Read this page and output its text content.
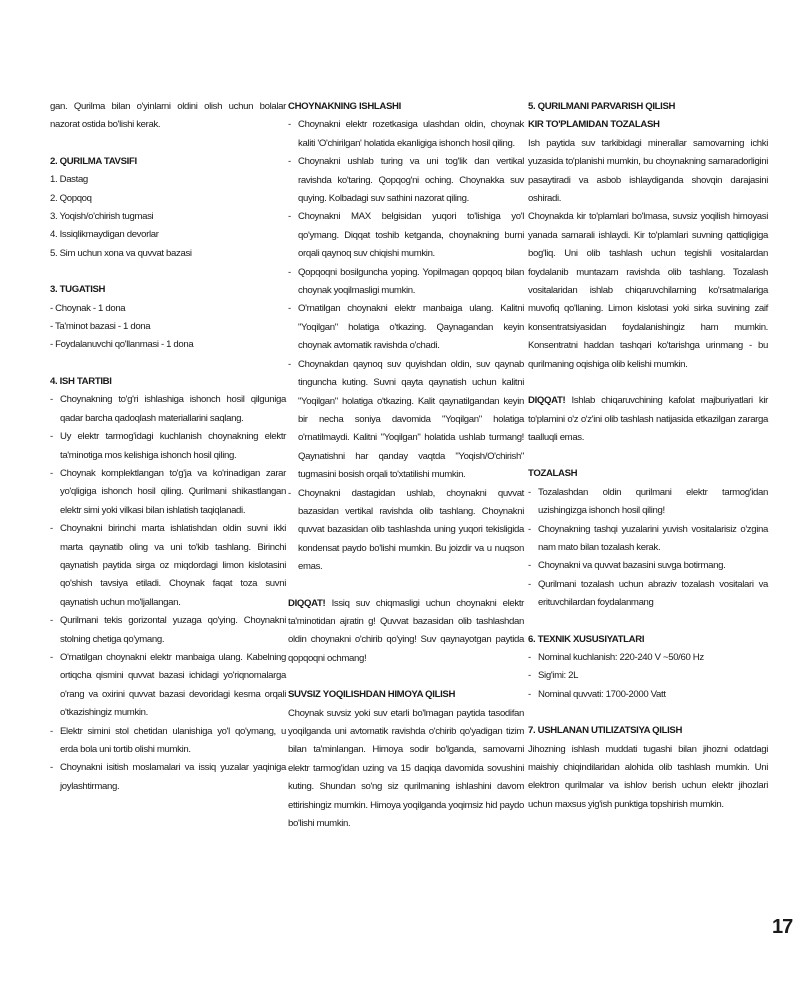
gan. Qurilma bilan o'yinlarni oldini olish uchun bolalar nazorat ostida bo'lishi kerak.
2. QURILMA TAVSIFI
1. Dastag
2. Qopqoq
3. Yoqish/o'chirish tugmasi
4. Issiqlikmaydigan devorlar
5. Sim uchun xona va quvvat bazasi
3. TUGATISH
- Choynak - 1 dona
- Ta'minot bazasi - 1 dona
- Foydalanuvchi qo'llanmasi - 1 dona
4. ISH TARTIBI
- Choynakning to'g'ri ishlashiga ishonch hosil qilguniga qadar barcha qadoqlash materiallarini saqlang.
- Uy elektr tarmog'idagi kuchlanish choynakning elektr ta'minotiga mos kelishiga ishonch hosil qiling.
- Choynak komplektlangan to'g'ja va ko'rinadigan zarar yo'qligiga ishonch hosil qiling. Qurilmani shikastlangan elektr simi yoki vilkasi bilan ishlatish taqiqlanadi.
- Choynakni birinchi marta ishlatishdan oldin suvni ikki marta qaynatib oling va uni to'kib tashlang. Birinchi qaynatish paytida sirga oz miqdordagi limon kislotasini qo'shish tavsiya etiladi. Choynak faqat toza suvni qaynatish uchun mo'ljallangan.
- Qurilmani tekis gorizontal yuzaga qo'ying. Choynakni stolning chetiga qo'ymang.
- O'rnatilgan choynakni elektr manbaiga ulang. Kabelning ortiqcha qismini quvvat bazasi ichidagi yo'riqnomalarga o'rang va oxirini quvvat bazasi devoridagi kesma orqali o'tkazishingiz mumkin.
- Elektr simini stol chetidan ulanishiga yo'l qo'ymang, u erda bola uni tortib olishi mumkin.
- Choynakni isitish moslamalari va issiq yuzalar yaqiniga joylashtirmang.
CHOYNAKNING ISHLASHI
- Choynakni elektr rozetkasiga ulashdan oldin, choynak kaliti 'O'chirilgan' holatida ekanligiga ishonch hosil qiling.
- Choynakni ushlab turing va uni tog'lik dan vertikal ravishda ko'taring. Qopqog'ni oching. Choynakka suv quying. Kolbadagi suv sathini nazorat qiling.
- Choynakni MAX belgisidan yuqori to'lishiga yo'l qo'ymang. Diqqat toshib ketganda, choynakning burni orqali qaynoq suv chiqishi mumkin.
- Qopqoqni bosilguncha yoping. Yopilmagan qopqoq bilan choynak yoqilmasligi mumkin.
- O'rnatilgan choynakni elektr manbaiga ulang. Kalitni "Yoqilgan" holatiga o'tkazing. Qaynagandan keyin choynak avtomatik ravishda o'chadi.
- Choynakdan qaynoq suv quyishdan oldin, suv qaynab tinguncha kuting. Suvni qayta qaynatish uchun kalitni "Yoqilgan" holatiga o'tkazing. Kalit qaynatilgandan keyin bir necha soniya davomida "Yoqilgan" holatiga o'rnatilmaydi. Kalitni "Yoqilgan" holatida ushlab turmang! Qaynatishni har qanday vaqtda "Yoqish/O'chirish" tugmasini bosish orqali to'xtatilishi mumkin.
- Choynakni dastagidan ushlab, choynakni quvvat bazasidan vertikal ravishda olib tashlang. Choynakni quvvat bazasidan olib tashlashda uning yuqori tekisligida kondensat paydo bo'lishi mumkin. Bu joizdir va u nuqson emas.
DIQQAT! Issiq suv chiqmasligi uchun choynakni elektr ta'minotidan ajratin g! Quvvat bazasidan olib tashlashdan oldin choynakni o'chirib qo'ying! Suv qaynayotgan paytida qopqoqni ochmang!
SUVSIZ YOQILISHDAN HIMOYA QILISH
Choynak suvsiz yoki suv etarli bo'lmagan paytida tasodifan yoqilganda uni avtomatik ravishda o'chirib qo'yadigan tizim bilan ta'minlangan. Himoya sodir bo'lganda, samovarni elektr tarmog'idan uzing va 15 daqiqa davomida sovushini kuting. Shundan so'ng siz qurilmaning ishlashini davom ettirishingiz mumkin. Himoya yoqilganda yoqimsiz hid paydo bo'lishi mumkin.
5. QURILMANI PARVARISH QILISH
KIR TO'PLAMIDAN TOZALASH
Ish paytida suv tarkibidagi minerallar samovarning ichki yuzasida to'planishi mumkin, bu choynakning samaradorligini pasaytiradi va asbob ishlaydiganda shovqin darajasini oshiradi.
Choynakda kir to'plamlari bo'lmasa, suvsiz yoqilish himoyasi yanada samarali ishlaydi. Kir to'plamlari suvning qattiqligiga bog'liq. Uni olib tashlash uchun tegishli vositalardan foydalanib muntazam ravishda olib tashlang. Tozalash vositalaridan ishlab chiqaruvchilarning ko'rsatmalariga muvofiq qo'llaning. Limon kislotasi yoki sirka suvining zaif konsentratsiyasidan foydalanishingiz ham mumkin. Konsentratni haddan tashqari ko'tarishga urinmang - bu qurilmaning oqishiga olib kelishi mumkin.
DIQQAT! Ishlab chiqaruvchining kafolat majburiyatlari kir to'plamini o'z o'z'ini olib tashlash natijasida etkazilgan zararga taalluqli emas.
TOZALASH
- Tozalashdan oldin qurilmani elektr tarmog'idan uzishingizga ishonch hosil qiling!
- Choynakning tashqi yuzalarini yuvish vositalarisiz o'zgina nam mato bilan tozalash kerak.
- Choynakni va quvvat bazasini suvga botirmang.
- Qurilmani tozalash uchun abraziv tozalash vositalari va erituvchilardan foydalanmang
6. TEXNIK XUSUSIYATLARI
- Nominal kuchlanish: 220-240 V ~50/60 Hz
- Sig'imi: 2L
- Nominal quvvati: 1700-2000 Vatt
7. USHLANAN UTILIZATSIYA QILISH
Jihozning ishlash muddati tugashi bilan jihozni odatdagi maishiy chiqindilaridan alohida olib tashlash mumkin. Uni elektron qurilmalar va ishlov berish uchun elektr jihozlari uchun maxsus yig'ish punktiga topshirish mumkin.
17
